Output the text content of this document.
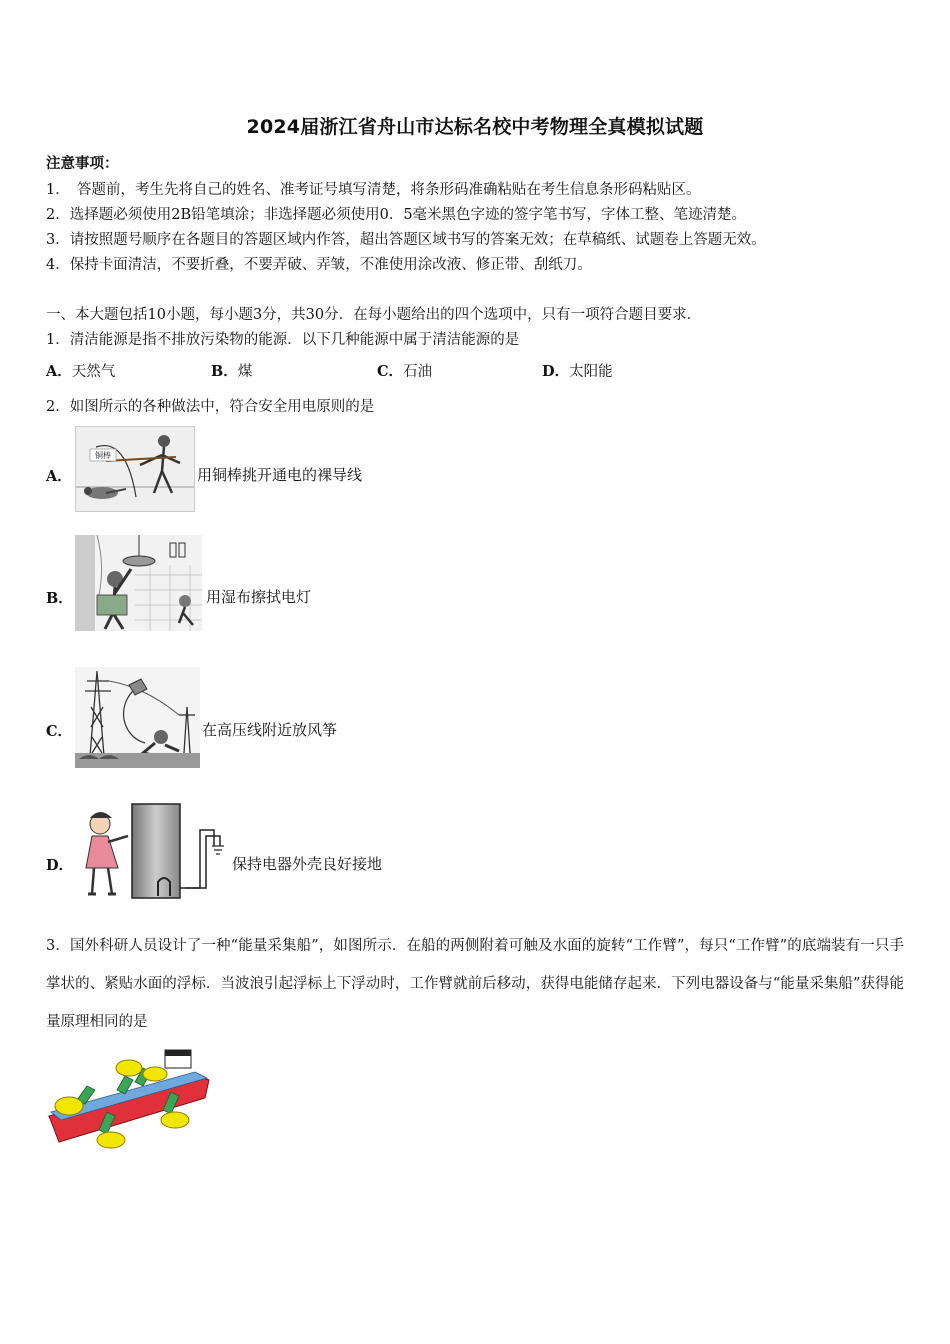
2024届浙江省舟山市达标名校中考物理全真模拟试题
注意事项：
1．　答题前，考生先将自己的姓名、准考证号填写清楚，将条形码准确粘贴在考生信息条形码粘贴区。
2．选择题必须使用2B铅笔填涂；非选择题必须使用0．5毫米黑色字迹的签字笔书写，字体工整、笔迹清楚。
3．请按照题号顺序在各题目的答题区域内作答，超出答题区域书写的答案无效；在草稿纸、试题卷上答题无效。
4．保持卡面清洁，不要折叠，不要弄破、弄皱，不准使用涂改液、修正带、刮纸刀。
一、本大题包括10小题，每小题3分，共30分．在每小题给出的四个选项中，只有一项符合题目要求．
1．清洁能源是指不排放污染物的能源．以下几种能源中属于清洁能源的是
A．天然气	B．煤	C．石油	D．太阳能
2．如图所示的各种做法中，符合安全用电原则的是
A．
铜棒
用铜棒挑开通电的裸导线
B．	用湿布擦拭电灯
C．	在高压线附近放风筝
D．	保持电器外壳良好接地
3．国外科研人员设计了一种“能量采集船”，如图所示．在船的两侧附着可触及水面的旋转“工作臂”，每只“工作臂”的底端装有一只手掌状的、紧贴水面的浮标．当波浪引起浮标上下浮动时，工作臂就前后移动，获得电能储存起来．下列电器设备与“能量采集船”获得能量原理相同的是
